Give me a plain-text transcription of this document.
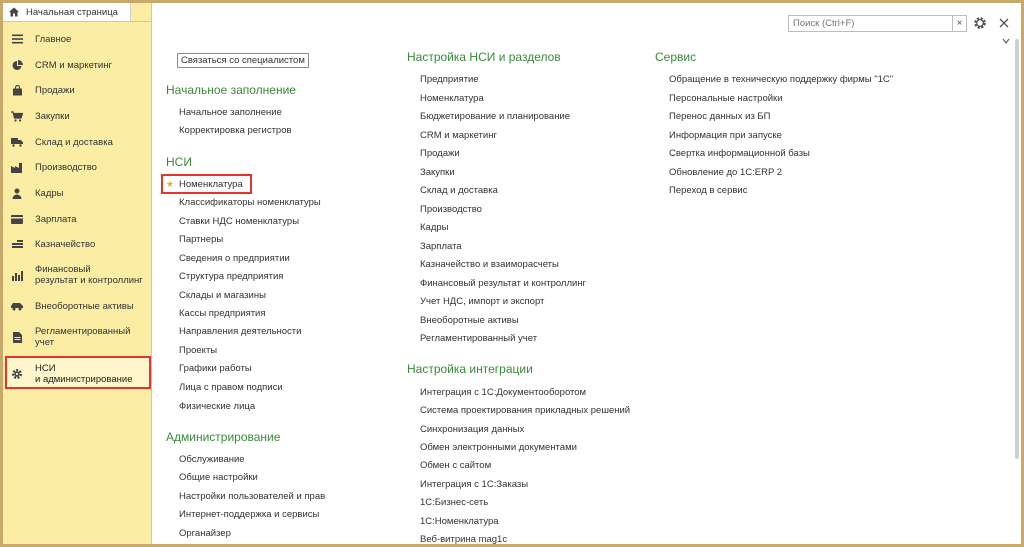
Начальная страница
Главное
CRM и маркетинг
Продажи
Закупки
Склад и доставка
Производство
Кадры
Зарплата
Казначейство
Финансовый
результат и контроллинг
Внеоборотные активы
Регламентированный
учет
НСИ
и администрирование
Поиск (Ctrl+F)
×
Связаться со специалистом
Начальное заполнение
Начальное заполнение
Корректировка регистров
НСИ
★ Номенклатура
Классификаторы номенклатуры
Ставки НДС номенклатуры
Партнеры
Сведения о предприятии
Структура предприятия
Склады и магазины
Кассы предприятия
Направления деятельности
Проекты
Графики работы
Лица с правом подписи
Физические лица
Администрирование
Обслуживание
Общие настройки
Настройки пользователей и прав
Интернет-поддержка и сервисы
Органайзер
Настройка НСИ и разделов
Предприятие
Номенклатура
Бюджетирование и планирование
CRM и маркетинг
Продажи
Закупки
Склад и доставка
Производство
Кадры
Зарплата
Казначейство и взаиморасчеты
Финансовый результат и контроллинг
Учет НДС, импорт и экспорт
Внеоборотные активы
Регламентированный учет
Настройка интеграции
Интеграция с 1С:Документооборотом
Система проектирования прикладных решений
Синхронизация данных
Обмен электронными документами
Обмен с сайтом
Интеграция с 1С:Заказы
1С:Бизнес-сеть
1С:Номенклатура
Веб-витрина mag1c
Сервис
Обращение в техническую поддержку фирмы "1С"
Персональные настройки
Перенос данных из БП
Информация при запуске
Свертка информационной базы
Обновление до 1С:ERP 2
Переход в сервис
